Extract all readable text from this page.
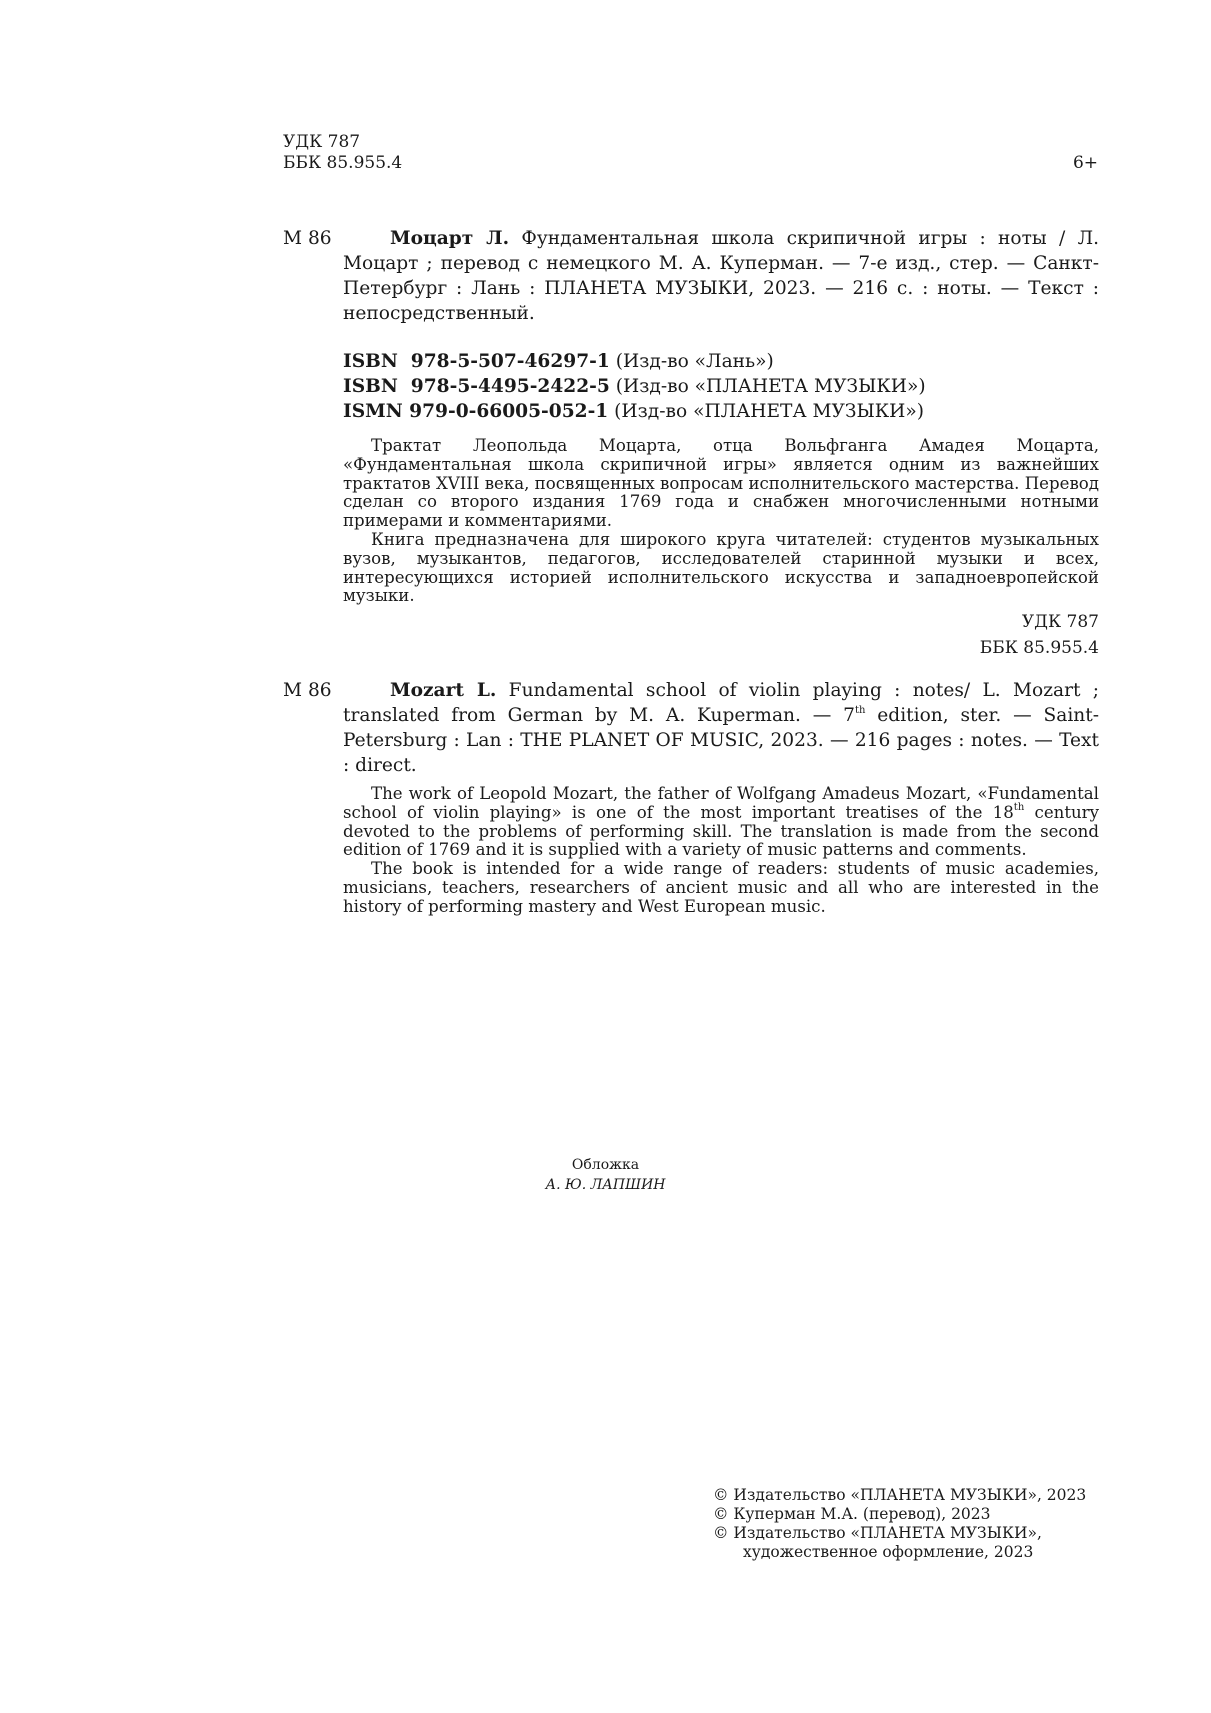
УДК 787
ББК 85.955.4	6+
М 86	Моцарт Л. Фундаментальная школа скрипичной игры : ноты / Л. Моцарт ; перевод с немецкого М. А. Куперман. — 7-е изд., стер. — Санкт-Петербург : Лань : ПЛАНЕТА МУЗЫКИ, 2023. — 216 с. : ноты. — Текст : непосредственный.
ISBN  978-5-507-46297-1 (Изд-во «Лань»)
ISBN  978-5-4495-2422-5 (Изд-во «ПЛАНЕТА МУЗЫКИ»)
ISMN 979-0-66005-052-1 (Изд-во «ПЛАНЕТА МУЗЫКИ»)

Трактат Леопольда Моцарта, отца Вольфганга Амадея Моцарта, «Фундаментальная школа скрипичной игры» является одним из важнейших трактатов XVIII века, посвященных вопросам исполнительского мастерства. Перевод сделан со второго издания 1769 года и снабжен многочисленными нотными примерами и комментариями.

Книга предназначена для широкого круга читателей: студентов музыкальных вузов, музыкантов, педагогов, исследователей старинной музыки и всех, интересующихся историей исполнительского искусства и западноевропейской музыки.

УДК 787
ББК 85.955.4
M 86	Mozart L. Fundamental school of violin playing : notes/ L. Mozart ; translated from German by M. A. Kuperman. — 7th edition, ster. — Saint-Petersburg : Lan : THE PLANET OF MUSIC, 2023. — 216 pages : notes. — Text : direct.

The work of Leopold Mozart, the father of Wolfgang Amadeus Mozart, «Fundamental school of violin playing» is one of the most important treatises of the 18th century devoted to the problems of performing skill. The translation is made from the second edition of 1769 and it is supplied with a variety of music patterns and comments.

The book is intended for a wide range of readers: students of music academies, musicians, teachers, researchers of ancient music and all who are interested in the history of performing mastery and West European music.

Обложка
А. Ю. ЛАПШИН
© Издательство «ПЛАНЕТА МУЗЫКИ», 2023
© Куперман М.А. (перевод), 2023
© Издательство «ПЛАНЕТА МУЗЫКИ»,
художественное оформление, 2023
